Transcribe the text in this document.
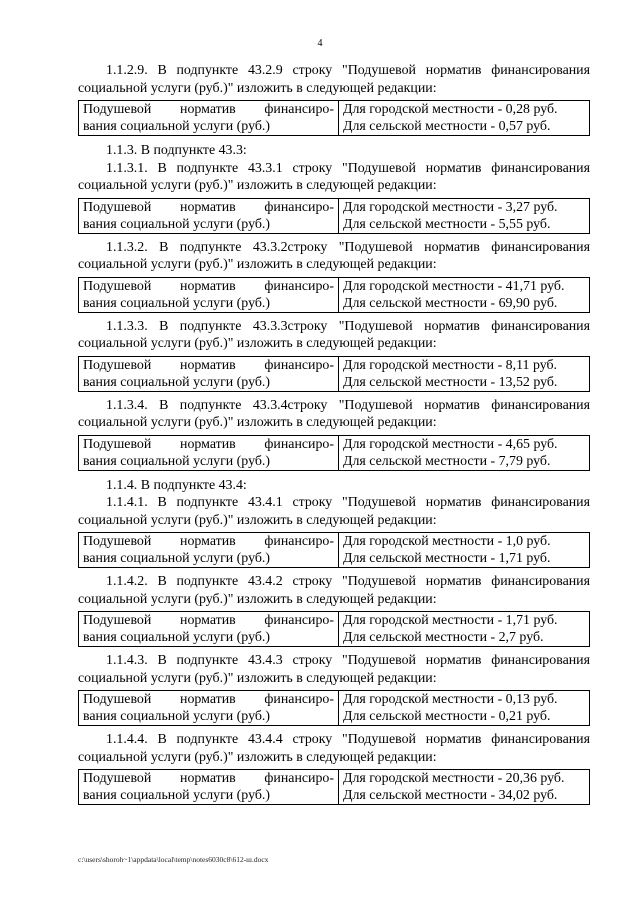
4

1.1.2.9. В подпункте 43.2.9 строку "Подушевой норматив финансирования социальной услуги (руб.)" изложить в следующей редакции:

Подушевой норматив финансиро-
вания социальной услуги (руб.)

Для городской местности - 0,28 руб.
Для сельской местности - 0,57 руб.

1.1.3. В подпункте 43.3:

1.1.3.1. В подпункте 43.3.1 строку "Подушевой норматив финансирования социальной услуги (руб.)" изложить в следующей редакции:

Подушевой норматив финансиро-
вания социальной услуги (руб.)

Для городской местности - 3,27 руб.
Для сельской местности - 5,55 руб.

1.1.3.2. В подпункте 43.3.2строку "Подушевой норматив финансирования социальной услуги (руб.)" изложить в следующей редакции:

Подушевой норматив финансиро-
вания социальной услуги (руб.)

Для городской местности - 41,71 руб.
Для сельской местности - 69,90 руб.

1.1.3.3. В подпункте 43.3.3строку "Подушевой норматив финансирования социальной услуги (руб.)" изложить в следующей редакции:

Подушевой норматив финансиро-
вания социальной услуги (руб.)

Для городской местности - 8,11 руб.
Для сельской местности - 13,52 руб.

1.1.3.4. В подпункте 43.3.4строку "Подушевой норматив финансирования социальной услуги (руб.)" изложить в следующей редакции:

Подушевой норматив финансиро-
вания социальной услуги (руб.)

Для городской местности - 4,65 руб.
Для сельской местности - 7,79 руб.

1.1.4. В подпункте 43.4:

1.1.4.1. В подпункте 43.4.1 строку "Подушевой норматив финансирования социальной услуги (руб.)" изложить в следующей редакции:

Подушевой норматив финансиро-
вания социальной услуги (руб.)

Для городской местности - 1,0 руб.
Для сельской местности - 1,71 руб.

1.1.4.2. В подпункте 43.4.2 строку "Подушевой норматив финансирования социальной услуги (руб.)" изложить в следующей редакции:

Подушевой норматив финансиро-
вания социальной услуги (руб.)

Для городской местности - 1,71 руб.
Для сельской местности - 2,7 руб.

1.1.4.3. В подпункте 43.4.3 строку "Подушевой норматив финансирования социальной услуги (руб.)" изложить в следующей редакции:

Подушевой норматив финансиро-
вания социальной услуги (руб.)

Для городской местности - 0,13 руб.
Для сельской местности - 0,21 руб.

1.1.4.4. В подпункте 43.4.4 строку "Подушевой норматив финансирования социальной услуги (руб.)" изложить в следующей редакции:

Подушевой норматив финансиро-
вания социальной услуги (руб.)

Для городской местности - 20,36 руб.
Для сельской местности - 34,02 руб.
c:\users\shoroh~1\appdata\local\temp\notes6030c8\612-ш.docx
